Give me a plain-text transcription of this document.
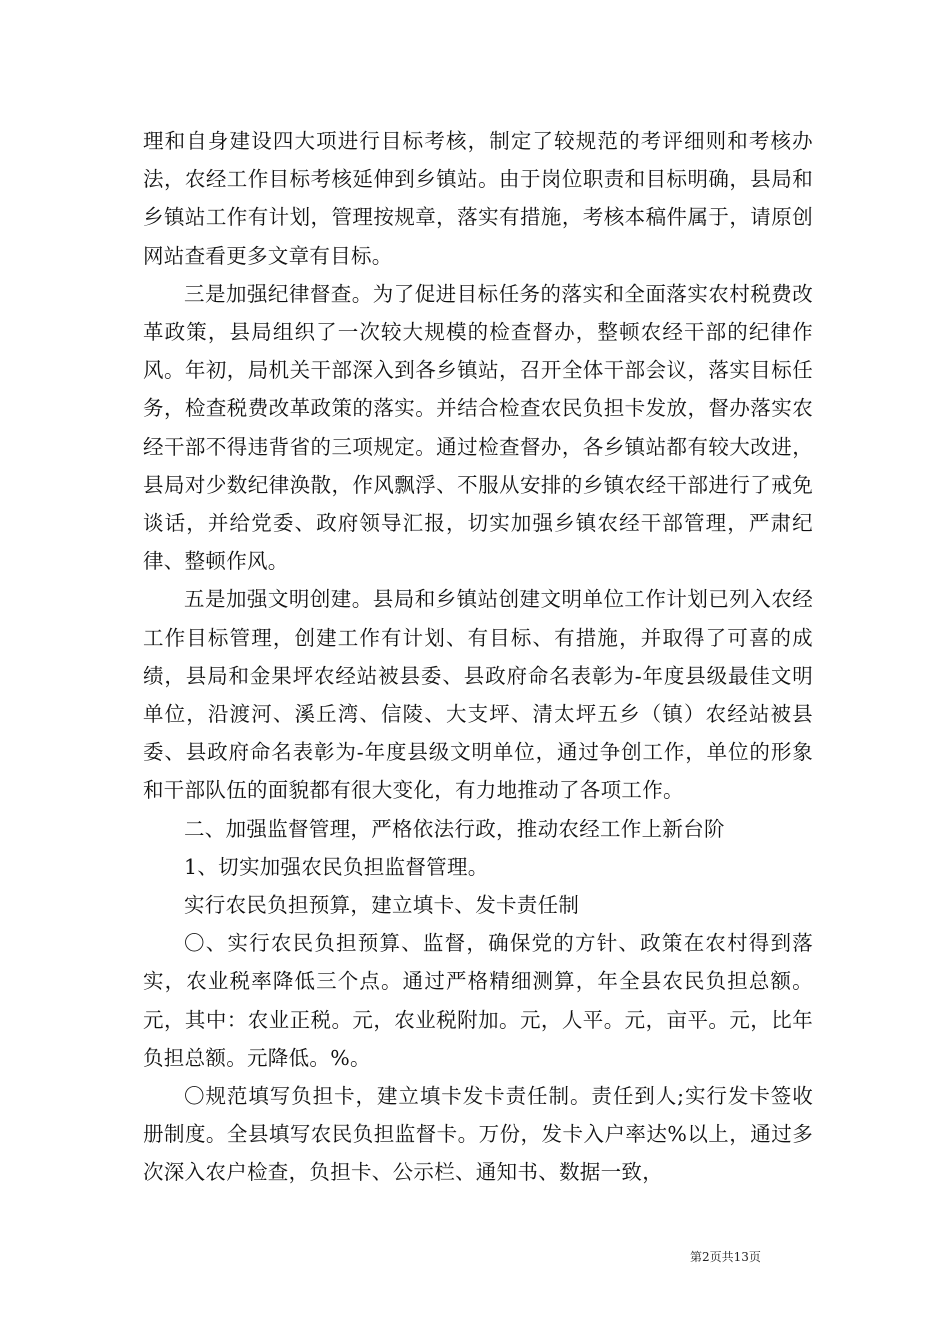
理和自身建设四大项进行目标考核，制定了较规范的考评细则和考核办法，农经工作目标考核延伸到乡镇站。由于岗位职责和目标明确，县局和乡镇站工作有计划，管理按规章，落实有措施，考核本稿件属于，请原创网站查看更多文章有目标。

三是加强纪律督查。为了促进目标任务的落实和全面落实农村税费改革政策，县局组织了一次较大规模的检查督办，整顿农经干部的纪律作风。年初，局机关干部深入到各乡镇站，召开全体干部会议，落实目标任务，检查税费改革政策的落实。并结合检查农民负担卡发放，督办落实农经干部不得违背省的三项规定。通过检查督办，各乡镇站都有较大改进，县局对少数纪律涣散，作风飘浮、不服从安排的乡镇农经干部进行了戒免谈话，并给党委、政府领导汇报，切实加强乡镇农经干部管理，严肃纪律、整顿作风。

五是加强文明创建。县局和乡镇站创建文明单位工作计划已列入农经工作目标管理，创建工作有计划、有目标、有措施，并取得了可喜的成绩，县局和金果坪农经站被县委、县政府命名表彰为-年度县级最佳文明单位，沿渡河、溪丘湾、信陵、大支坪、清太坪五乡（镇）农经站被县委、县政府命名表彰为-年度县级文明单位，通过争创工作，单位的形象和干部队伍的面貌都有很大变化，有力地推动了各项工作。

二、加强监督管理，严格依法行政，推动农经工作上新台阶

1、切实加强农民负担监督管理。

实行农民负担预算，建立填卡、发卡责任制

〇、实行农民负担预算、监督，确保党的方针、政策在农村得到落实，农业税率降低三个点。通过严格精细测算，年全县农民负担总额。元，其中：农业正税。元，农业税附加。元，人平。元，亩平。元，比年负担总额。元降低。%。

〇规范填写负担卡，建立填卡发卡责任制。责任到人;实行发卡签收册制度。全县填写农民负担监督卡。万份，发卡入户率达%以上，通过多次深入农户检查，负担卡、公示栏、通知书、数据一致，

第2页共13页
